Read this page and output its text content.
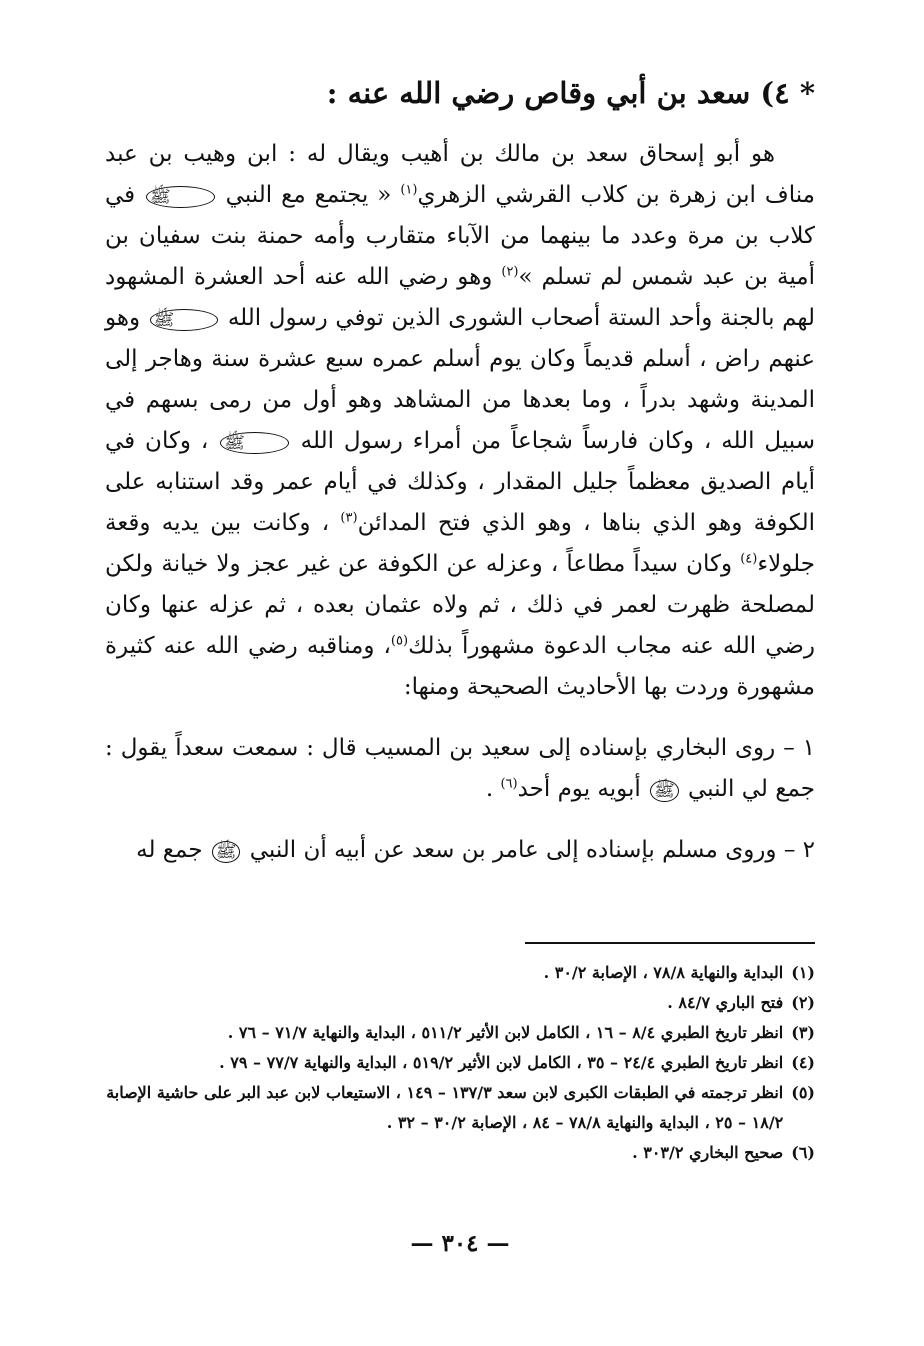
* ٤) سعد بن أبي وقاص رضي الله عنه :

هو أبو إسحاق سعد بن مالك بن أهيب ويقال له : ابن وهيب بن عبد مناف ابن زهرة بن كلاب القرشي الزهري$^{(١)}$ « يجتمع مع النبي ﷺ في كلاب بن مرة وعدد ما بينهما من الآباء متقارب وأمه حمنة بنت سفيان بن أمية بن عبد شمس لم تسلم »$^{(٢)}$ وهو رضي الله عنه أحد العشرة المشهود لهم بالجنة وأحد الستة أصحاب الشورى الذين توفي رسول الله ﷺ وهو عنهم راض ، أسلم قديماً وكان يوم أسلم عمره سبع عشرة سنة وهاجر إلى المدينة وشهد بدراً ، وما بعدها من المشاهد وهو أول من رمى بسهم في سبيل الله ، وكان فارساً شجاعاً من أمراء رسول الله ﷺ ، وكان في أيام الصديق معظماً جليل المقدار ، وكذلك في أيام عمر وقد استنابه على الكوفة وهو الذي بناها ، وهو الذي فتح المدائن$^{(٣)}$ ، وكانت بين يديه وقعة جلولاء$^{(٤)}$ وكان سيداً مطاعاً ، وعزله عن الكوفة عن غير عجز ولا خيانة ولكن لمصلحة ظهرت لعمر في ذلك ، ثم ولاه عثمان بعده ، ثم عزله عنها وكان رضي الله عنه مجاب الدعوة مشهوراً بذلك$^{(٥)}$، ومناقبه رضي الله عنه كثيرة مشهورة وردت بها الأحاديث الصحيحة ومنها:

١ – روى البخاري بإسناده إلى سعيد بن المسيب قال : سمعت سعداً يقول : جمع لي النبي ﷺ أبويه يوم أحد$^{(٦)}$ .

٢ – وروى مسلم بإسناده إلى عامر بن سعد عن أبيه أن النبي ﷺ جمع له

(١)
البداية والنهاية ٧٨/٨ ، الإصابة ٣٠/٢ .
(٢)
فتح الباري ٨٤/٧ .
(٣)
انظر تاريخ الطبري ٨/٤ – ١٦ ، الكامل لابن الأثير ٥١١/٢ ، البداية والنهاية ٧١/٧ – ٧٦ .
(٤)
انظر تاريخ الطبري ٢٤/٤ – ٣٥ ، الكامل لابن الأثير ٥١٩/٢ ، البداية والنهاية ٧٧/٧ – ٧٩ .
(٥)
انظر ترجمته في الطبقات الكبرى لابن سعد ١٣٧/٣ – ١٤٩ ، الاستيعاب لابن عبد البر على حاشية الإصابة ١٨/٢ – ٢٥ ، البداية والنهاية ٧٨/٨ – ٨٤ ، الإصابة ٣٠/٢ – ٣٢ .
(٦)
صحيح البخاري ٣٠٣/٢ .
— ٣٠٤ —
